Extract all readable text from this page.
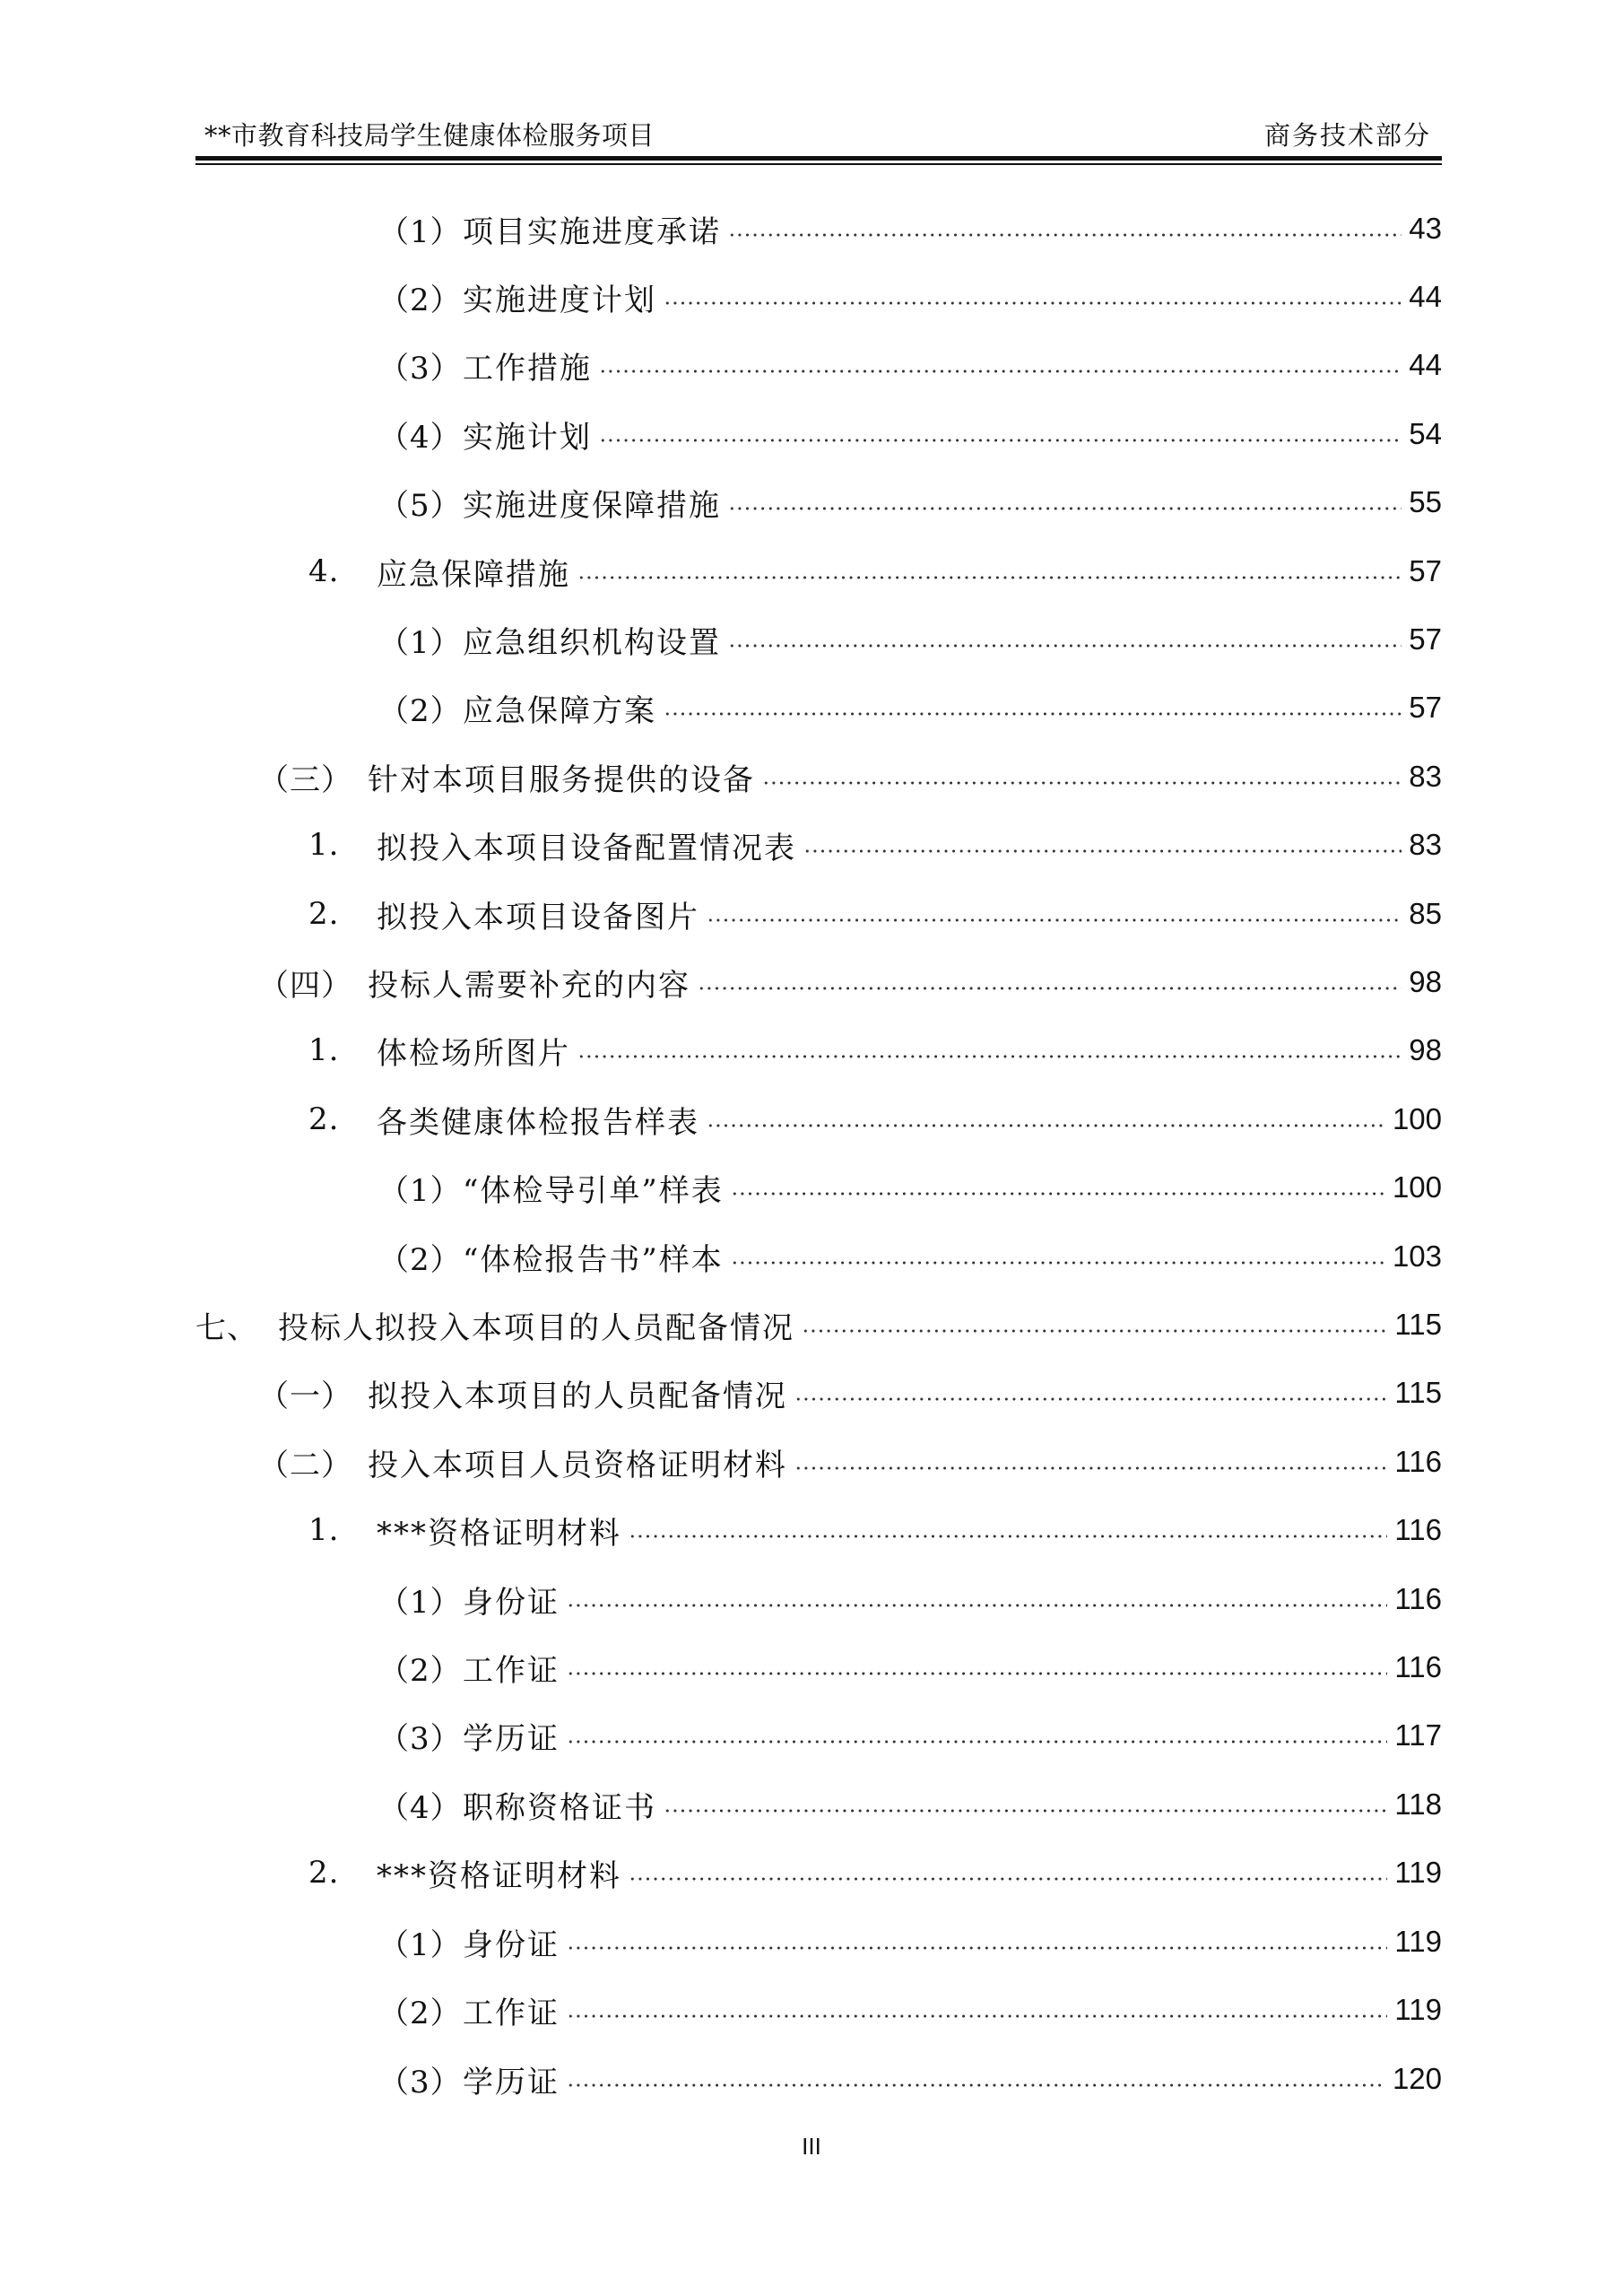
**市教育科技局学生健康体检服务项目	商务技术部分
（1） 项目实施进度承诺	43
（2） 实施进度计划	44
（3） 工作措施	44
（4） 实施计划	54
（5） 实施进度保障措施	55
4.	应急保障措施	57
（1） 应急组织机构设置	57
（2） 应急保障方案	57
（三） 针对本项目服务提供的设备	83
1.	拟投入本项目设备配置情况表	83
2.	拟投入本项目设备图片	85
（四） 投标人需要补充的内容	98
1.	体检场所图片	98
2.	各类健康体检报告样表	100
（1） “体检导引单”样表	100
（2） “体检报告书”样本	103
七、 投标人拟投入本项目的人员配备情况	115
（一） 拟投入本项目的人员配备情况	115
（二） 投入本项目人员资格证明材料	116
1.	***资格证明材料	116
（1） 身份证	116
（2） 工作证	116
（3） 学历证	117
（4） 职称资格证书	118
2.	***资格证明材料	119
（1） 身份证	119
（2） 工作证	119
（3） 学历证	120
III
